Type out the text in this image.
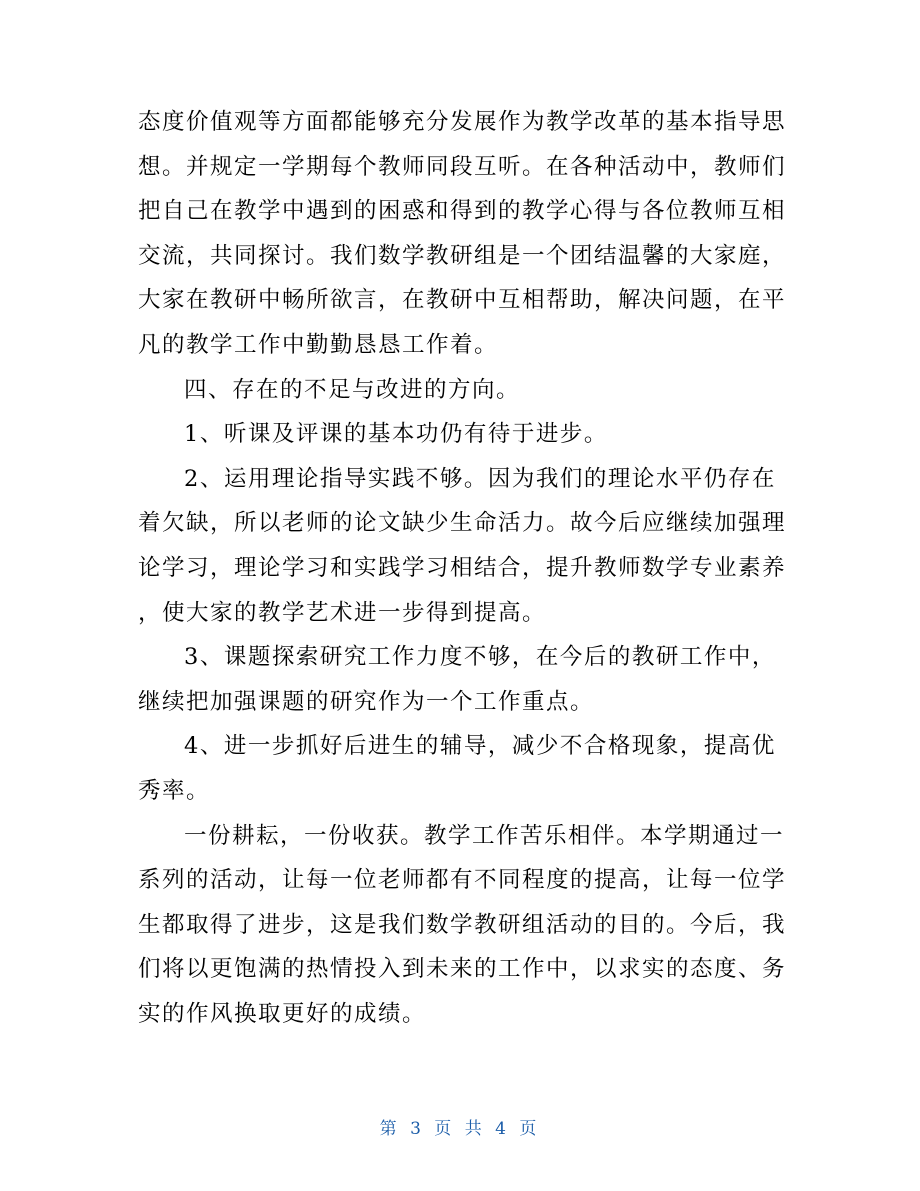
态度价值观等方面都能够充分发展作为教学改革的基本指导思
想。并规定一学期每个教师同段互听。在各种活动中，教师们
把自己在教学中遇到的困惑和得到的教学心得与各位教师互相
交流，共同探讨。我们数学教研组是一个团结温馨的大家庭，
大家在教研中畅所欲言，在教研中互相帮助，解决问题，在平
凡的教学工作中勤勤恳恳工作着。
四、存在的不足与改进的方向。
1、听课及评课的基本功仍有待于进步。
2、运用理论指导实践不够。因为我们的理论水平仍存在
着欠缺，所以老师的论文缺少生命活力。故今后应继续加强理
论学习，理论学习和实践学习相结合，提升教师数学专业素养
，使大家的教学艺术进一步得到提高。
3、课题探索研究工作力度不够，在今后的教研工作中，
继续把加强课题的研究作为一个工作重点。
4、进一步抓好后进生的辅导，减少不合格现象，提高优
秀率。
一份耕耘，一份收获。教学工作苦乐相伴。本学期通过一
系列的活动，让每一位老师都有不同程度的提高，让每一位学
生都取得了进步，这是我们数学教研组活动的目的。今后，我
们将以更饱满的热情投入到未来的工作中，以求实的态度、务
实的作风换取更好的成绩。
第 3 页 共 4 页
